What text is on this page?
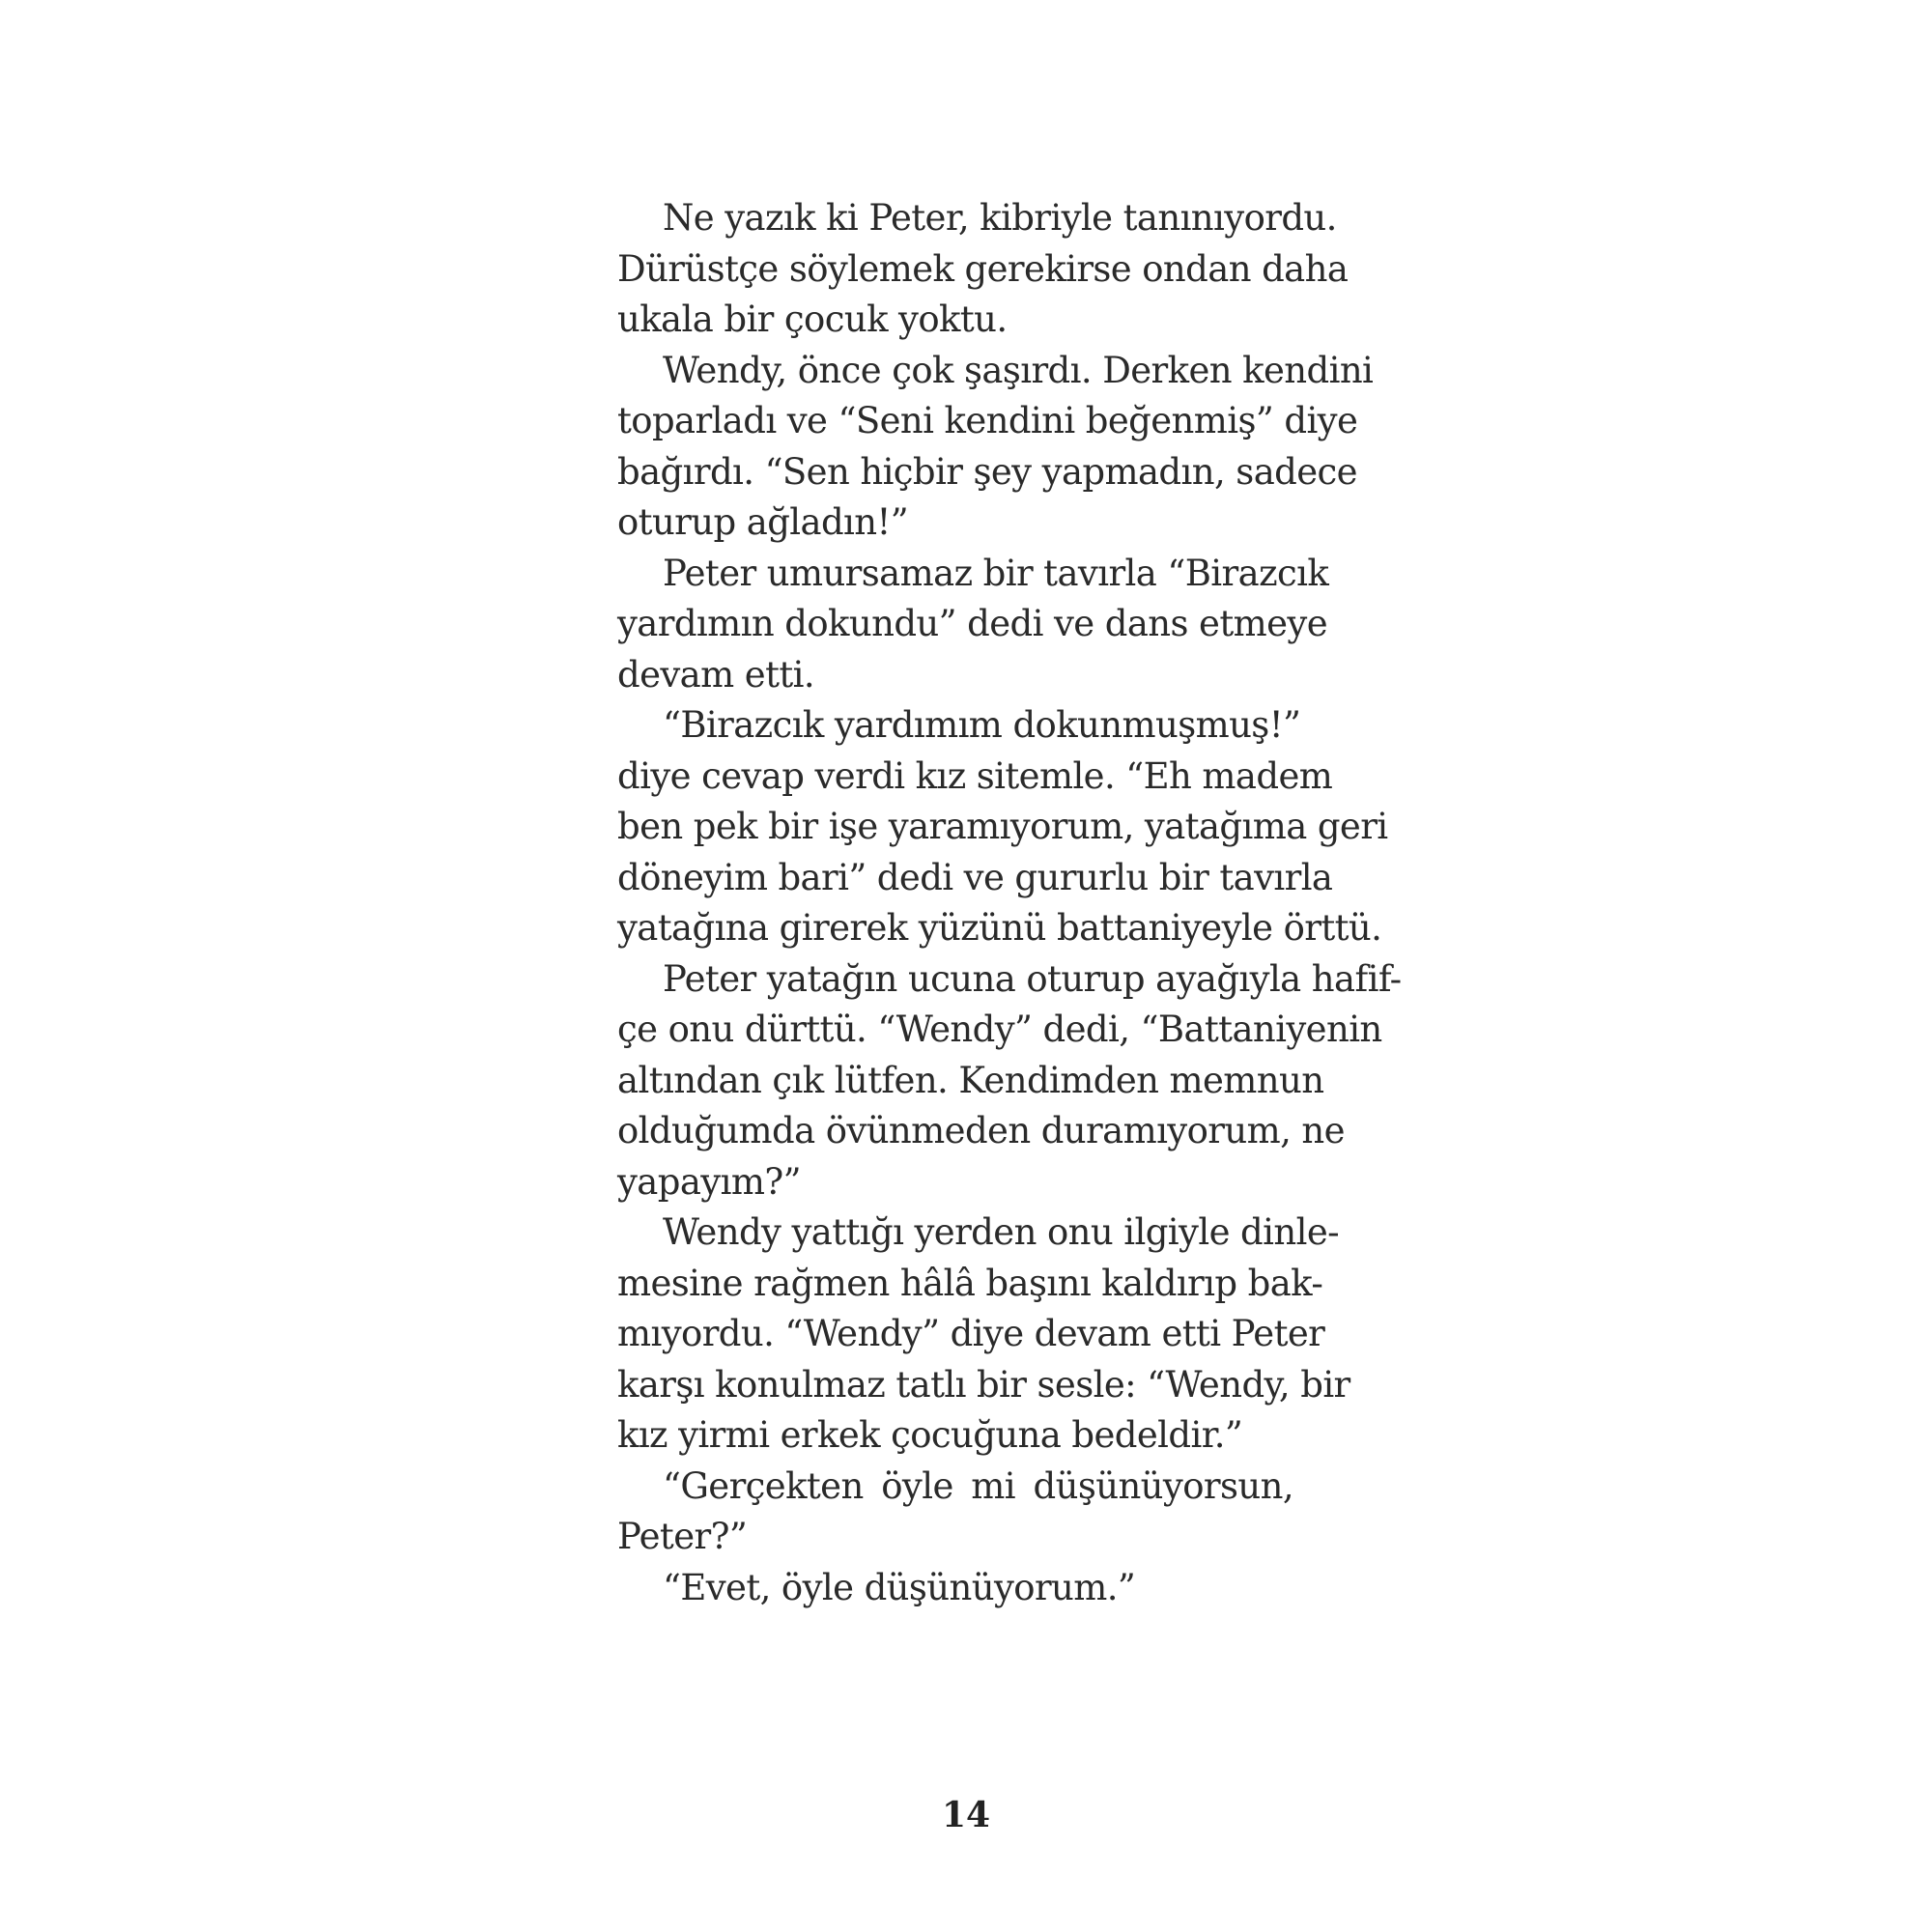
Ne yazık ki Peter, kibriyle tanınıyordu.
Dürüstçe söylemek gerekirse ondan daha
ukala bir çocuk yoktu.
Wendy, önce çok şaşırdı. Derken kendini
toparladı ve “Seni kendini beğenmiş” diye
bağırdı. “Sen hiçbir şey yapmadın, sadece
oturup ağladın!”
Peter umursamaz bir tavırla “Birazcık
yardımın dokundu” dedi ve dans etmeye
devam etti.
“Birazcık yardımım dokunmuşmuş!”
diye cevap verdi kız sitemle. “Eh madem
ben pek bir işe yaramıyorum, yatağıma geri
döneyim bari” dedi ve gururlu bir tavırla
yatağına girerek yüzünü battaniyeyle örttü.
Peter yatağın ucuna oturup ayağıyla hafif-
çe onu dürttü. “Wendy” dedi, “Battaniyenin
altından çık lütfen. Kendimden memnun
olduğumda övünmeden duramıyorum, ne
yapayım?”
Wendy yattığı yerden onu ilgiyle dinle-
mesine rağmen hâlâ başını kaldırıp bak-
mıyordu. “Wendy” diye devam etti Peter
karşı konulmaz tatlı bir sesle: “Wendy, bir
kız yirmi erkek çocuğuna bedeldir.”
“Gerçekten öyle mi düşünüyorsun,
Peter?”
“Evet, öyle düşünüyorum.”
14
